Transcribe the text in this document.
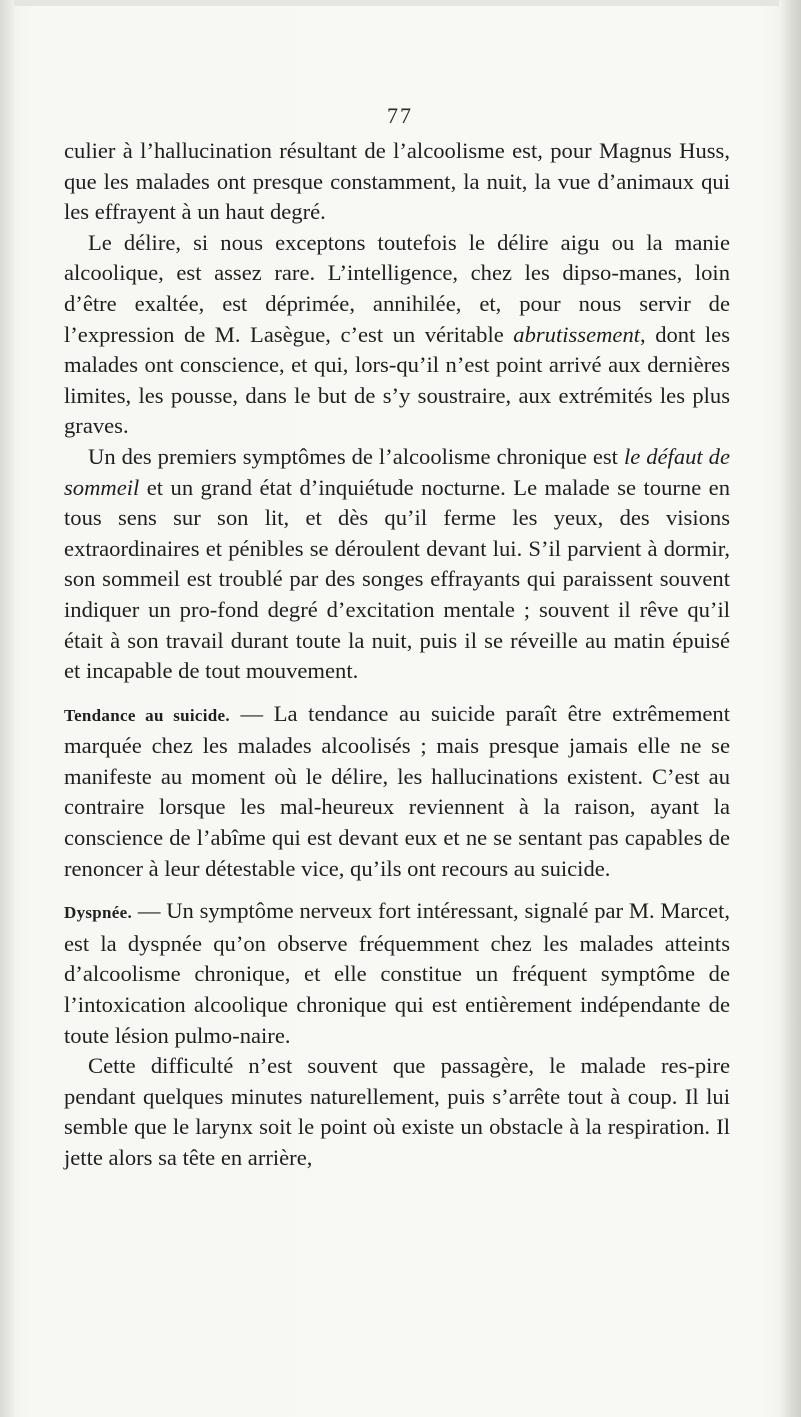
77

culier à l’hallucination résultant de l’alcoolisme est, pour Magnus Huss, que les malades ont presque constamment, la nuit, la vue d’animaux qui les effrayent à un haut degré.

Le délire, si nous exceptons toutefois le délire aigu ou la manie alcoolique, est assez rare. L’intelligence, chez les dipso-manes, loin d’être exaltée, est déprimée, annihilée, et, pour nous servir de l’expression de M. Lasègue, c’est un véritable abrutissement, dont les malades ont conscience, et qui, lors-qu’il n’est point arrivé aux dernières limites, les pousse, dans le but de s’y soustraire, aux extrémités les plus graves.

Un des premiers symptômes de l’alcoolisme chronique est le défaut de sommeil et un grand état d’inquiétude nocturne. Le malade se tourne en tous sens sur son lit, et dès qu’il ferme les yeux, des visions extraordinaires et pénibles se déroulent devant lui. S’il parvient à dormir, son sommeil est troublé par des songes effrayants qui paraissent souvent indiquer un pro-fond degré d’excitation mentale ; souvent il rêve qu’il était à son travail durant toute la nuit, puis il se réveille au matin épuisé et incapable de tout mouvement.

Tendance au suicide. — La tendance au suicide paraît être extrêmement marquée chez les malades alcoolisés ; mais presque jamais elle ne se manifeste au moment où le délire, les hallucinations existent. C’est au contraire lorsque les mal-heureux reviennent à la raison, ayant la conscience de l’abîme qui est devant eux et ne se sentant pas capables de renoncer à leur détestable vice, qu’ils ont recours au suicide.

Dyspnée. — Un symptôme nerveux fort intéressant, signalé par M. Marcet, est la dyspnée qu’on observe fréquemment chez les malades atteints d’alcoolisme chronique, et elle constitue un fréquent symptôme de l’intoxication alcoolique chronique qui est entièrement indépendante de toute lésion pulmo-naire.

Cette difficulté n’est souvent que passagère, le malade res-pire pendant quelques minutes naturellement, puis s’arrête tout à coup. Il lui semble que le larynx soit le point où existe un obstacle à la respiration. Il jette alors sa tête en arrière,
